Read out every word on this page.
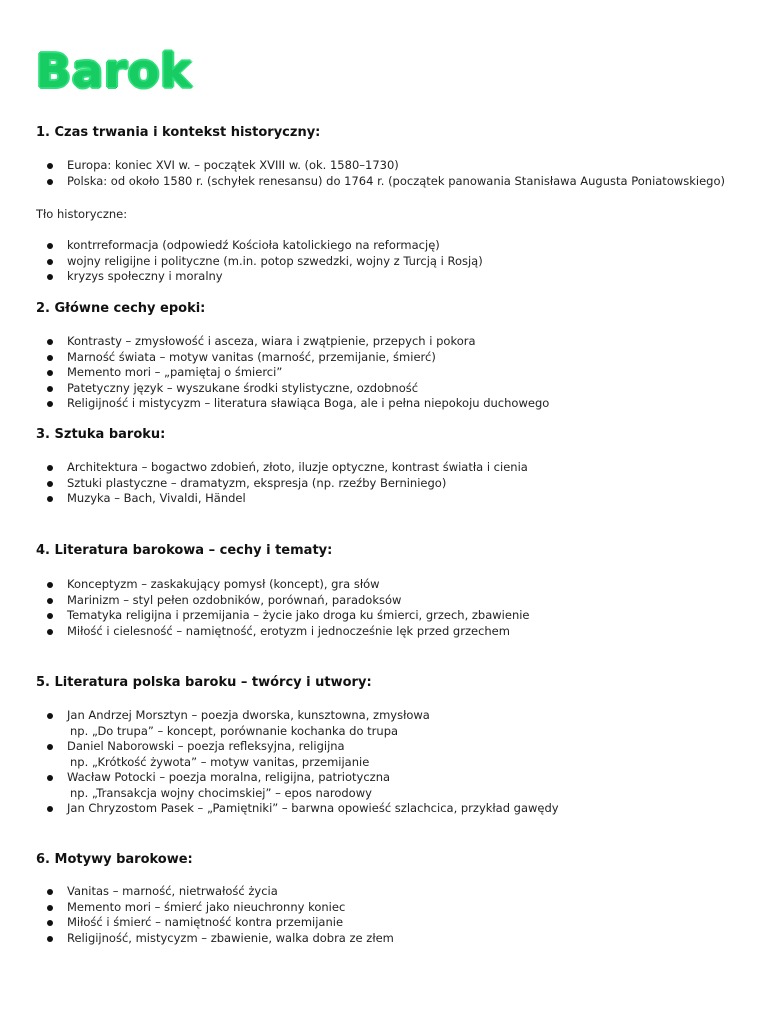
Barok
1. Czas trwania i kontekst historyczny:
Europa: koniec XVI w. – początek XVIII w. (ok. 1580–1730)
Polska: od około 1580 r. (schyłek renesansu) do 1764 r. (początek panowania Stanisława Augusta Poniatowskiego)
Tło historyczne:
kontrreformacja (odpowiedź Kościoła katolickiego na reformację)
wojny religijne i polityczne (m.in. potop szwedzki, wojny z Turcją i Rosją)
kryzys społeczny i moralny
2. Główne cechy epoki:
Kontrasty – zmysłowość i asceza, wiara i zwątpienie, przepych i pokora
Marność świata – motyw vanitas (marność, przemijanie, śmierć)
Memento mori – „pamiętaj o śmierci”
Patetyczny język – wyszukane środki stylistyczne, ozdobność
Religijność i mistycyzm – literatura sławiąca Boga, ale i pełna niepokoju duchowego
3. Sztuka baroku:
Architektura – bogactwo zdobień, złoto, iluzje optyczne, kontrast światła i cienia
Sztuki plastyczne – dramatyzm, ekspresja (np. rzeźby Berniniego)
Muzyka – Bach, Vivaldi, Händel
4. Literatura barokowa – cechy i tematy:
Konceptyzm – zaskakujący pomysł (koncept), gra słów
Marinizm – styl pełen ozdobników, porównań, paradoksów
Tematyka religijna i przemijania – życie jako droga ku śmierci, grzech, zbawienie
Miłość i cielesność – namiętność, erotyzm i jednocześnie lęk przed grzechem
5. Literatura polska baroku – twórcy i utwory:
Jan Andrzej Morsztyn – poezja dworska, kunsztowna, zmysłowa
np. „Do trupa” – koncept, porównanie kochanka do trupa
Daniel Naborowski – poezja refleksyjna, religijna
np. „Krótkość żywota” – motyw vanitas, przemijanie
Wacław Potocki – poezja moralna, religijna, patriotyczna
np. „Transakcja wojny chocimskiej” – epos narodowy
Jan Chryzostom Pasek – „Pamiętniki” – barwna opowieść szlachcica, przykład gawędy
6. Motywy barokowe:
Vanitas – marność, nietrwałość życia
Memento mori – śmierć jako nieuchronny koniec
Miłość i śmierć – namiętność kontra przemijanie
Religijność, mistycyzm – zbawienie, walka dobra ze złem
